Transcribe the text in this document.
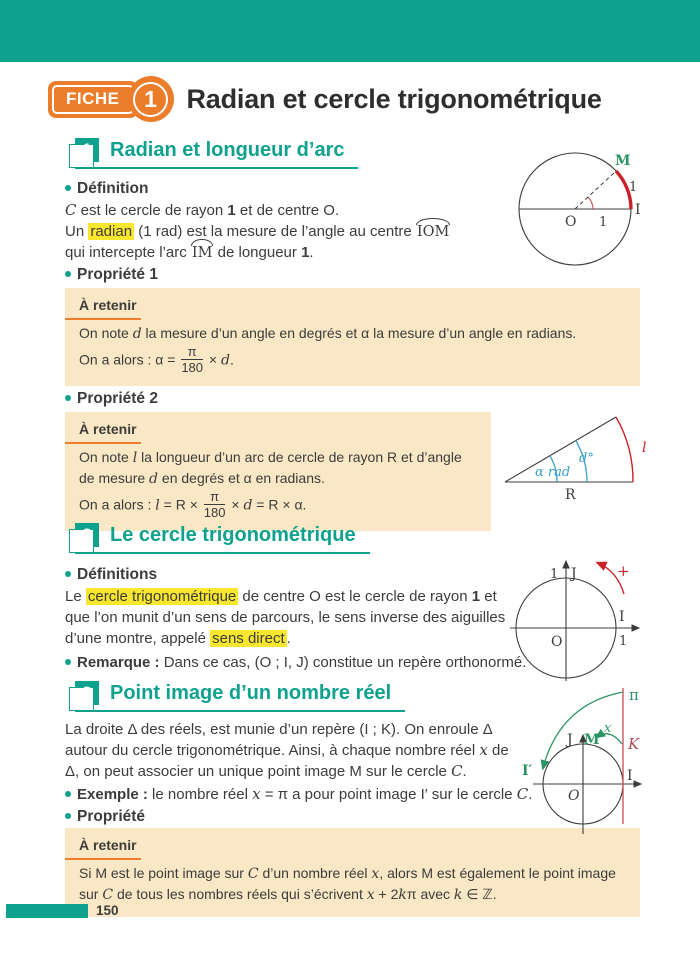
FICHE	1	Radian et cercle trigonométrique
1 Radian et longueur d’arc
Définition

C est le cercle de rayon 1 et de centre O.

Un radian (1 rad) est la mesure de l’angle au centre IOM
qui intercepte l’arc IM de longueur 1.

Propriété 1
À retenir
On note d la mesure d’un angle en degrés et α la mesure d’un angle en radians.
On a alors : $\alpha = \frac{\pi}{180} \times d$.
Propriété 2
À retenir
On note l la longueur d’un arc de cercle de rayon R et d’angle de mesure d en degrés et α en radians.
On a alors : $l = R \times \frac{\pi}{180} \times d = R \times \alpha$.
2 Le cercle trigonométrique
Définitions

Le cercle trigonométrique de centre O est le cercle de rayon 1 et que l’on munit d’un sens de parcours, le sens inverse des aiguilles d’une montre, appelé sens direct .

Remarque : Dans ce cas, (O ; I, J) constitue un repère orthonormé.

3 Point image d’un nombre réel

La droite Δ des réels, est munie d’un repère (I ; K). On enroule Δ autour du cercle trigonométrique. Ainsi, à chaque nombre réel x de Δ, on peut associer un unique point image M sur le cercle C.

Exemple : le nombre réel x = π a pour point image I′ sur le cercle C.

Propriété
À retenir
Si M est le point image sur C d’un nombre réel x, alors M est également le point image sur C de tous les nombres réels qui s’écrivent x + 2kπ avec k ∈ ℤ.
O 1
I
1
M
α rad
d°
l
R
1 J
I
1
O
+
π
K
x
J M
I
I′
O
150
